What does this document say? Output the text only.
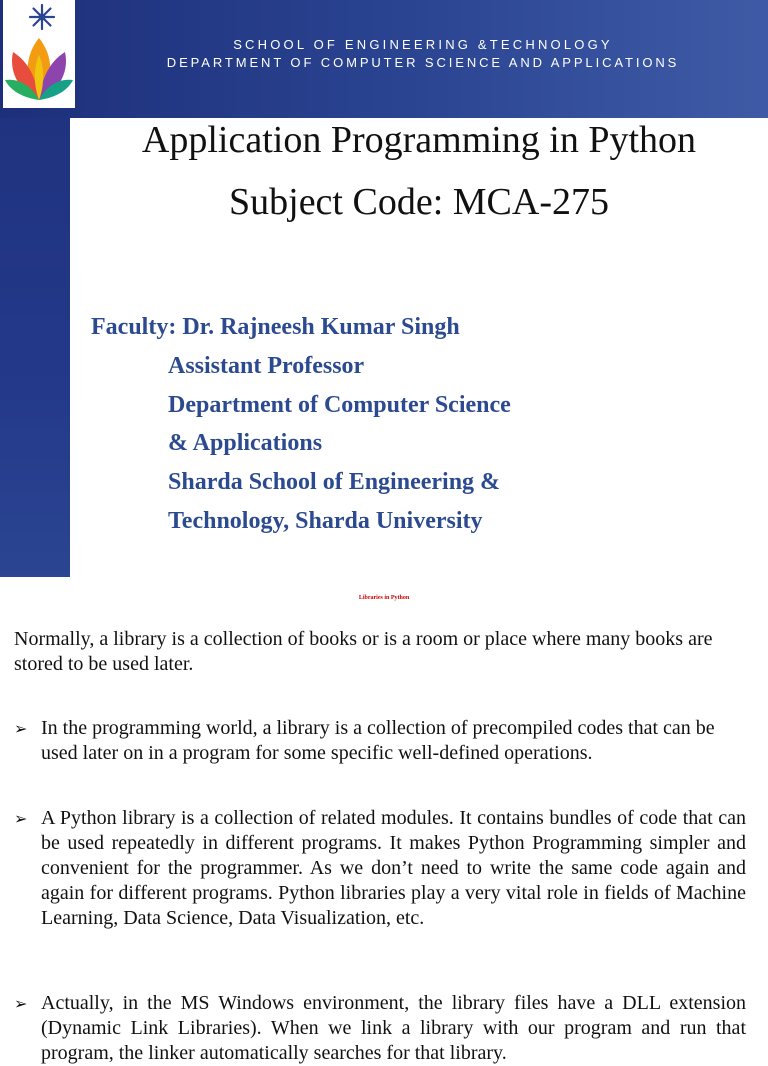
SCHOOL OF ENGINEERING &TECHNOLOGY
DEPARTMENT OF COMPUTER SCIENCE AND APPLICATIONS
Application Programming in Python
Subject Code: MCA-275
Faculty: Dr. Rajneesh Kumar Singh
Assistant Professor
Department of Computer Science
& Applications
Sharda School of Engineering &
Technology, Sharda University
Libraries in Python
Normally, a library is a collection of books or is a room or place where many books are stored to be used later.
➢ In the programming world, a library is a collection of precompiled codes that can be used later on in a program for some specific well-defined operations.
➢ A Python library is a collection of related modules. It contains bundles of code that can be used repeatedly in different programs. It makes Python Programming simpler and convenient for the programmer. As we don’t need to write the same code again and again for different programs. Python libraries play a very vital role in fields of Machine Learning, Data Science, Data Visualization, etc.
➢ Actually, in the MS Windows environment, the library files have a DLL extension (Dynamic Link Libraries). When we link a library with our program and run that program, the linker automatically searches for that library.
